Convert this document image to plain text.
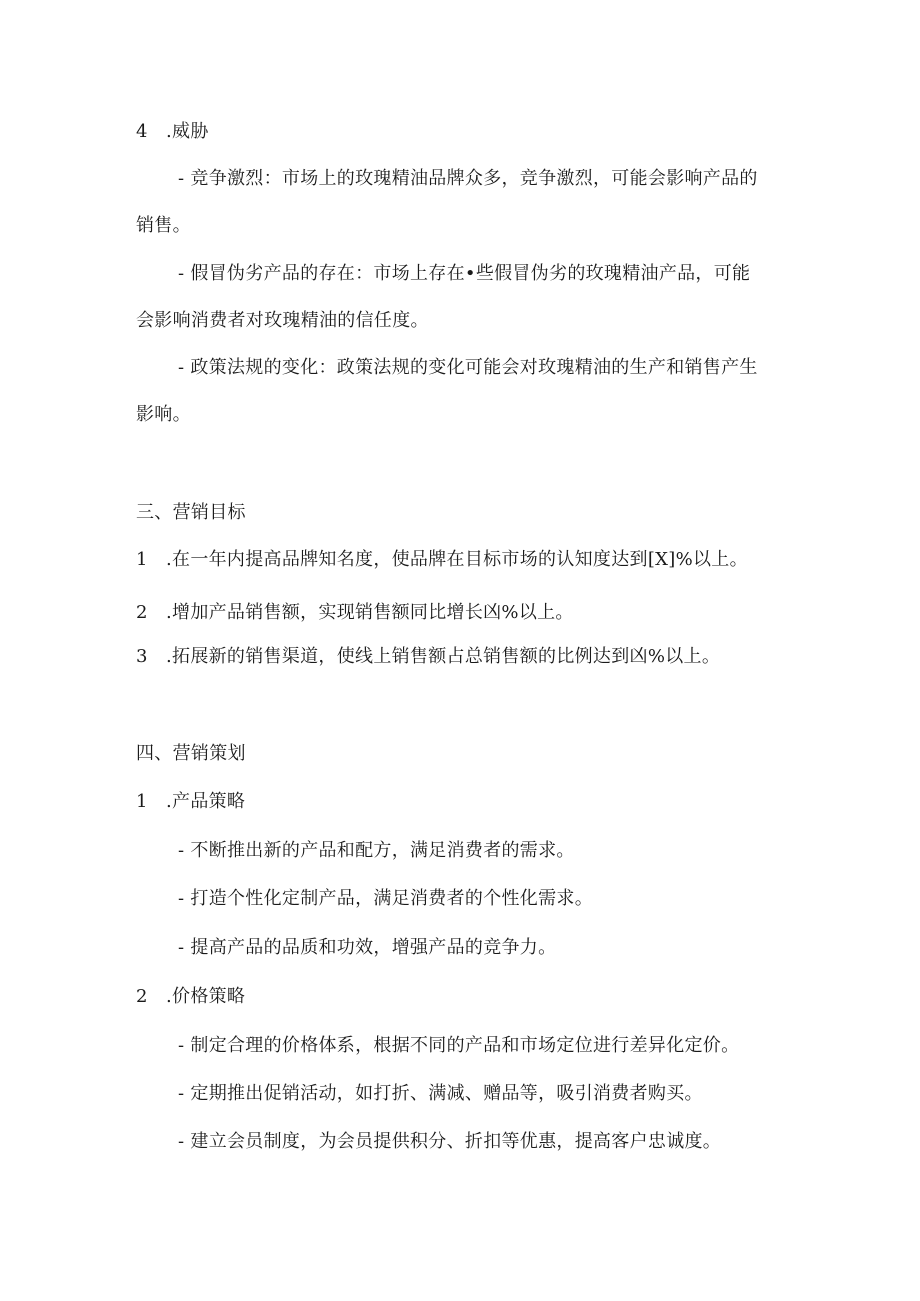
4 .威胁
- 竞争激烈：市场上的玫瑰精油品牌众多，竞争激烈，可能会影响产品的
销售。
- 假冒伪劣产品的存在：市场上存在•些假冒伪劣的玫瑰精油产品，可能
会影响消费者对玫瑰精油的信任度。
- 政策法规的变化：政策法规的变化可能会对玫瑰精油的生产和销售产生
影响。
三、营销目标
1 .在一年内提高品牌知名度，使品牌在目标市场的认知度达到[X]%以上。
2 .增加产品销售额，实现销售额同比增长凶%以上。
3 .拓展新的销售渠道，使线上销售额占总销售额的比例达到凶%以上。
四、营销策划
1 .产品策略
- 不断推出新的产品和配方，满足消费者的需求。
- 打造个性化定制产品，满足消费者的个性化需求。
- 提高产品的品质和功效，增强产品的竞争力。
2 .价格策略
- 制定合理的价格体系，根据不同的产品和市场定位进行差异化定价。
- 定期推出促销活动，如打折、满减、赠品等，吸引消费者购买。
- 建立会员制度，为会员提供积分、折扣等优惠，提高客户忠诚度。
